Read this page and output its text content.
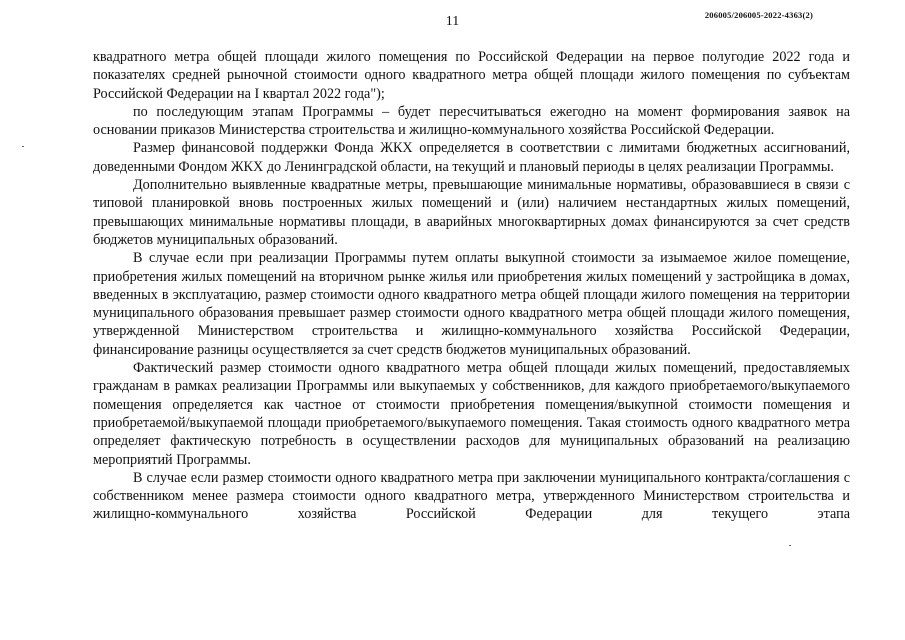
11	206005/206005-2022-4363(2)

квадратного метра общей площади жилого помещения по Российской Федерации на первое полугодие 2022 года и показателях средней рыночной стоимости одного квадратного метра общей площади жилого помещения по субъектам Российской Федерации на I квартал 2022 года");

по последующим этапам Программы – будет пересчитываться ежегодно на момент формирования заявок на основании приказов Министерства строительства и жилищно-коммунального хозяйства Российской Федерации.

Размер финансовой поддержки Фонда ЖКХ определяется в соответствии с лимитами бюджетных ассигнований, доведенными Фондом ЖКХ до Ленинградской области, на текущий и плановый периоды в целях реализации Программы.

Дополнительно выявленные квадратные метры, превышающие минимальные нормативы, образовавшиеся в связи с типовой планировкой вновь построенных жилых помещений и (или) наличием нестандартных жилых помещений, превышающих минимальные нормативы площади, в аварийных многоквартирных домах финансируются за счет средств бюджетов муниципальных образований.

В случае если при реализации Программы путем оплаты выкупной стоимости за изымаемое жилое помещение, приобретения жилых помещений на вторичном рынке жилья или приобретения жилых помещений у застройщика в домах, введенных в эксплуатацию, размер стоимости одного квадратного метра общей площади жилого помещения на территории муниципального образования превышает размер стоимости одного квадратного метра общей площади жилого помещения, утвержденной Министерством строительства и жилищно-коммунального хозяйства Российской Федерации, финансирование разницы осуществляется за счет средств бюджетов муниципальных образований.

Фактический размер стоимости одного квадратного метра общей площади жилых помещений, предоставляемых гражданам в рамках реализации Программы или выкупаемых у собственников, для каждого приобретаемого/выкупаемого помещения определяется как частное от стоимости приобретения помещения/выкупной стоимости помещения и приобретаемой/выкупаемой площади приобретаемого/выкупаемого помещения. Такая стоимость одного квадратного метра определяет фактическую потребность в осуществлении расходов для муниципальных образований на реализацию мероприятий Программы.

В случае если размер стоимости одного квадратного метра при заключении муниципального контракта/соглашения с собственником менее размера стоимости одного квадратного метра, утвержденного Министерством строительства и жилищно-коммунального хозяйства Российской Федерации для текущего этапа
